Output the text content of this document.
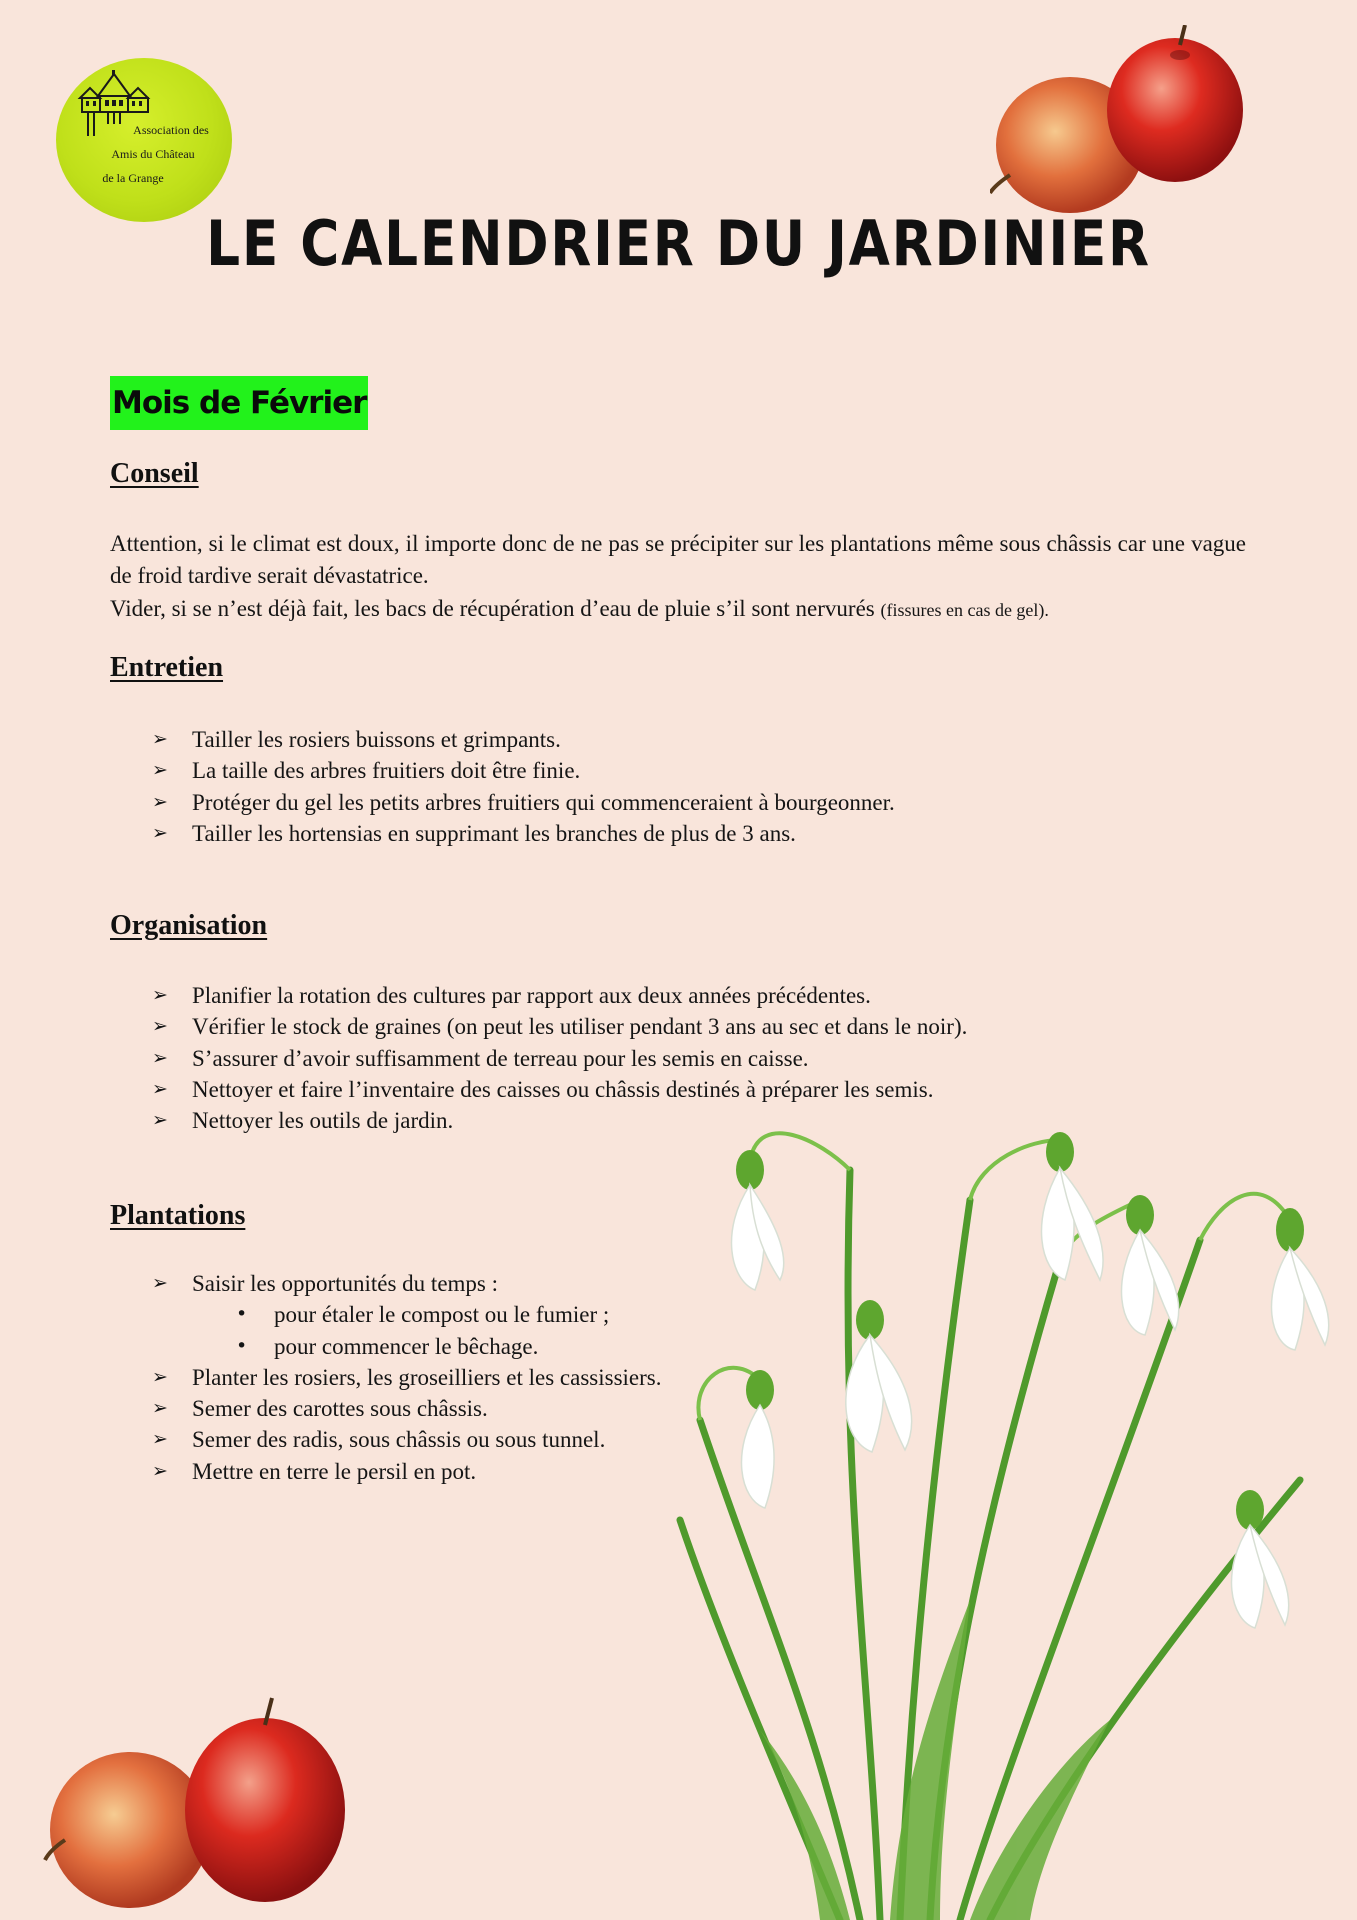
Association des
Amis du Château
de la Grange
LE CALENDRIER DU JARDINIER
Mois de Février
Conseil

Attention, si le climat est doux, il importe donc de ne pas se précipiter sur les plantations même sous châssis car une vague de froid tardive serait dévastatrice.

Vider, si se n’est déjà fait, les bacs de récupération d’eau de pluie s’il sont nervurés (fissures en cas de gel).

Entretien
➢ Tailler les rosiers buissons et grimpants.
➢ La taille des arbres fruitiers doit être finie.
➢ Protéger du gel les petits arbres fruitiers qui commenceraient à bourgeonner.
➢ Tailler les hortensias en supprimant les branches de plus de 3 ans.
Organisation
➢ Planifier la rotation des cultures par rapport aux deux années précédentes.
➢ Vérifier le stock de graines (on peut les utiliser pendant 3 ans au sec et dans le noir).
➢ S’assurer d’avoir suffisamment de terreau pour les semis en caisse.
➢ Nettoyer et faire l’inventaire des caisses ou châssis destinés à préparer les semis.
➢ Nettoyer les outils de jardin.
Plantations
➢ Saisir les opportunités du temps :
• pour étaler le compost ou le fumier ;
• pour commencer le bêchage.
➢ Planter les rosiers, les groseilliers et les cassissiers.
➢ Semer des carottes sous châssis.
➢ Semer des radis, sous châssis ou sous tunnel.
➢ Mettre en terre le persil en pot.
